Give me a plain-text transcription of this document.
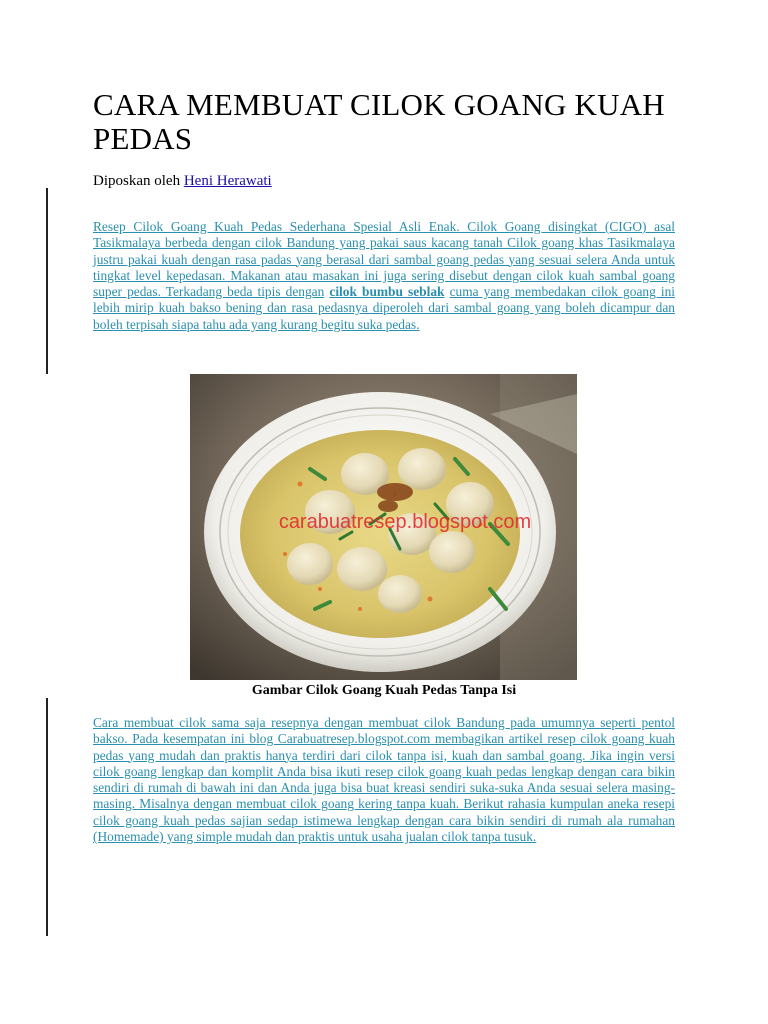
CARA MEMBUAT CILOK GOANG KUAH PEDAS
Diposkan oleh Heni Herawati

Resep Cilok Goang Kuah Pedas Sederhana Spesial Asli Enak. Cilok Goang disingkat (CIGO) asal Tasikmalaya berbeda dengan cilok Bandung yang pakai saus kacang tanah Cilok goang khas Tasikmalaya justru pakai kuah dengan rasa padas yang berasal dari sambal goang pedas yang sesuai selera Anda untuk tingkat level kepedasan. Makanan atau masakan ini juga sering disebut dengan cilok kuah sambal goang super pedas. Terkadang beda tipis dengan cilok bumbu seblak cuma yang membedakan cilok goang ini lebih mirip kuah bakso bening dan rasa pedasnya diperoleh dari sambal goang yang boleh dicampur dan boleh terpisah siapa tahu ada yang kurang begitu suka pedas.

carabuatresep.blogspot.com
Gambar Cilok Goang Kuah Pedas Tanpa Isi

Cara membuat cilok sama saja resepnya dengan membuat cilok Bandung pada umumnya seperti pentol bakso. Pada kesempatan ini blog Carabuatresep.blogspot.com membagikan artikel resep cilok goang kuah pedas yang mudah dan praktis hanya terdiri dari cilok tanpa isi, kuah dan sambal goang. Jika ingin versi cilok goang lengkap dan komplit Anda bisa ikuti resep cilok goang kuah pedas lengkap dengan cara bikin sendiri di rumah di bawah ini dan Anda juga bisa buat kreasi sendiri suka-suka Anda sesuai selera masing-masing. Misalnya dengan membuat cilok goang kering tanpa kuah. Berikut rahasia kumpulan aneka resepi cilok goang kuah pedas sajian sedap istimewa lengkap dengan cara bikin sendiri di rumah ala rumahan (Homemade) yang simple mudah dan praktis untuk usaha jualan cilok tanpa tusuk.
